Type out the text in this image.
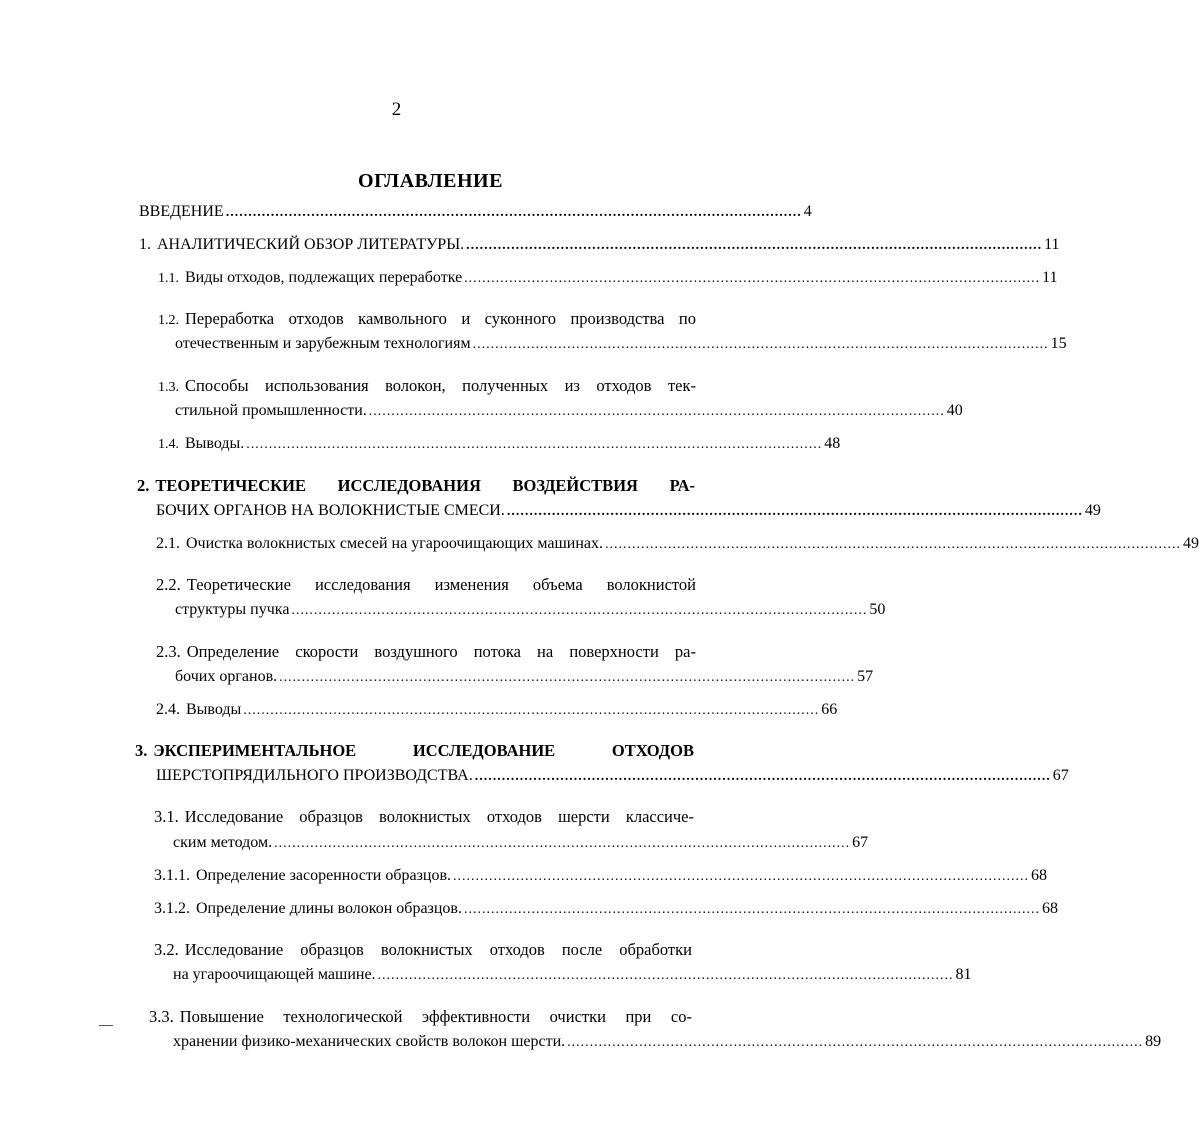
2
ОГЛАВЛЕНИЕ
ВВЕДЕНИЕ ................................................................................................................................ 4
1. АНАЛИТИЧЕСКИЙ ОБЗОР ЛИТЕРАТУРЫ. ................................................................................................................................ 11
1.1. Виды отходов, подлежащих переработке ................................................................................................................................ 11
1.2. Переработка отходов камвольного и суконного производства по
отечественным и зарубежным технологиям ................................................................................................................................ 15
1.3. Способы использования волокон, полученных из отходов тек-
стильной промышленности. ................................................................................................................................ 40
1.4. Выводы. ................................................................................................................................ 48
2. ТЕОРЕТИЧЕСКИЕ ИССЛЕДОВАНИЯ ВОЗДЕЙСТВИЯ РА-
БОЧИХ ОРГАНОВ НА ВОЛОКНИСТЫЕ СМЕСИ. ................................................................................................................................ 49
2.1. Очистка волокнистых смесей на угароочищающих машинах. ................................................................................................................................ 49
2.2. Теоретические исследования изменения объема волокнистой
структуры пучка ................................................................................................................................ 50
2.3. Определение скорости воздушного потока на поверхности ра-
бочих органов. ................................................................................................................................ 57
2.4. Выводы ................................................................................................................................ 66
3. ЭКСПЕРИМЕНТАЛЬНОЕ ИССЛЕДОВАНИЕ ОТХОДОВ
ШЕРСТОПРЯДИЛЬНОГО ПРОИЗВОДСТВА. ................................................................................................................................ 67
3.1. Исследование образцов волокнистых отходов шерсти классиче-
ским методом. ................................................................................................................................ 67
3.1.1. Определение засоренности образцов. ................................................................................................................................ 68
3.1.2. Определение длины волокон образцов. ................................................................................................................................ 68
3.2. Исследование образцов волокнистых отходов после обработки
на угароочищающей машине. ................................................................................................................................ 81
3.3. Повышение технологической эффективности очистки при со-
хранении физико-механических свойств волокон шерсти. ................................................................................................................................ 89
